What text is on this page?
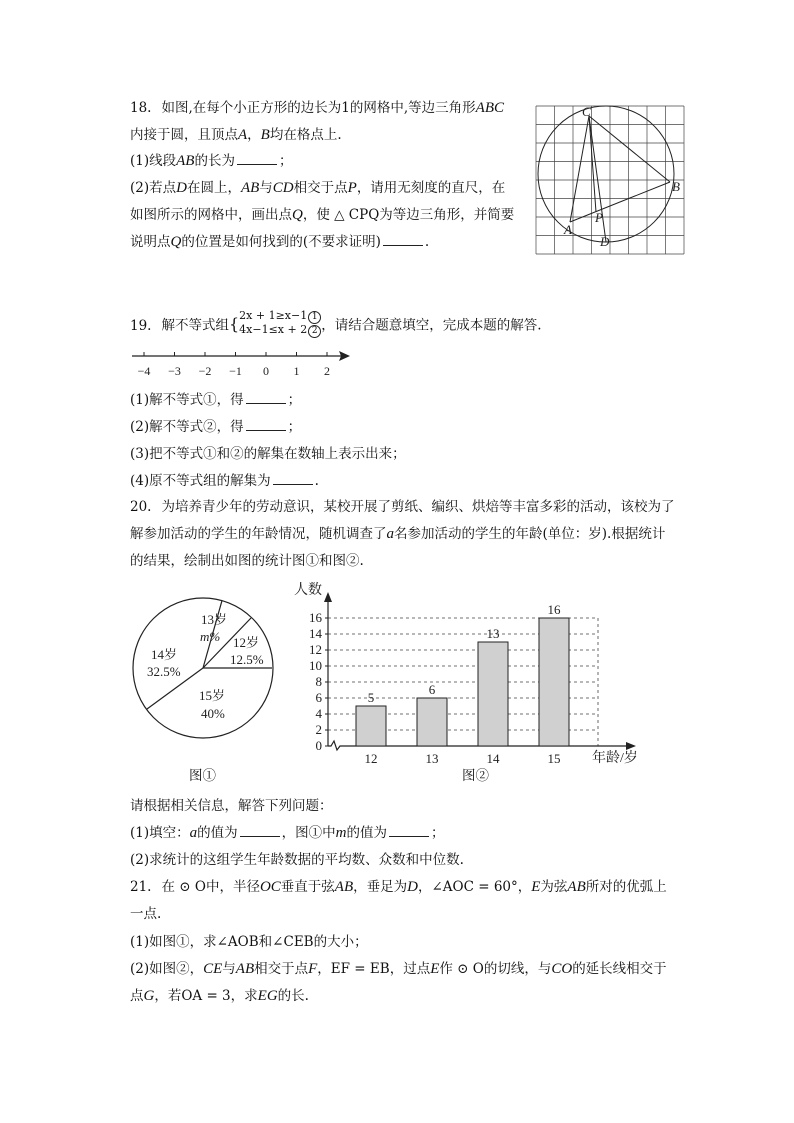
18. 如图,在每个小正方形的边长为1的网格中,等边三角形ABC
内接于圆，且顶点A，B均在格点上.
(1)线段AB的长为	；
(2)若点D在圆上，AB与CD相交于点P，请用无刻度的直尺，在
如图所示的网格中，画出点Q，使 △ CPQ为等边三角形，并简要
说明点Q的位置是如何找到的(不要求证明)	.
C
B
A
P
D
19. 解不等式组{2x + 1≥x−1 1
4x−1≤x + 2 2 ，请结合题意填空，完成本题的解答.
−4 −3 −2 −1 0 1 2
(1)解不等式①，得	；
(2)解不等式②，得	；
(3)把不等式①和②的解集在数轴上表示出来；
(4)原不等式组的解集为	.
20. 为培养青少年的劳动意识，某校开展了剪纸、编织、烘焙等丰富多彩的活动，该校为了
解参加活动的学生的年龄情况，随机调查了a名参加活动的学生的年龄(单位：岁).根据统计
的结果，绘制出如图的统计图①和图②.
13岁
m% 12岁
12.5%
15岁
40%
14岁
32.5%
图①
人数
年龄/岁
0
2
4
6
8
10
12
14
16
5
12
6
13
13
14
16
15
图②
请根据相关信息，解答下列问题：
(1)填空：a的值为	，图①中m的值为	；
(2)求统计的这组学生年龄数据的平均数、众数和中位数.
21. 在 ⊙ O中，半径OC垂直于弦AB，垂足为D，∠AOC = 60°，E为弦AB所对的优弧上
一点.
(1)如图①，求∠AOB和∠CEB的大小；
(2)如图②，CE与AB相交于点F，EF = EB，过点E作 ⊙ O的切线，与CO的延长线相交于
点G，若OA = 3，求EG的长.
